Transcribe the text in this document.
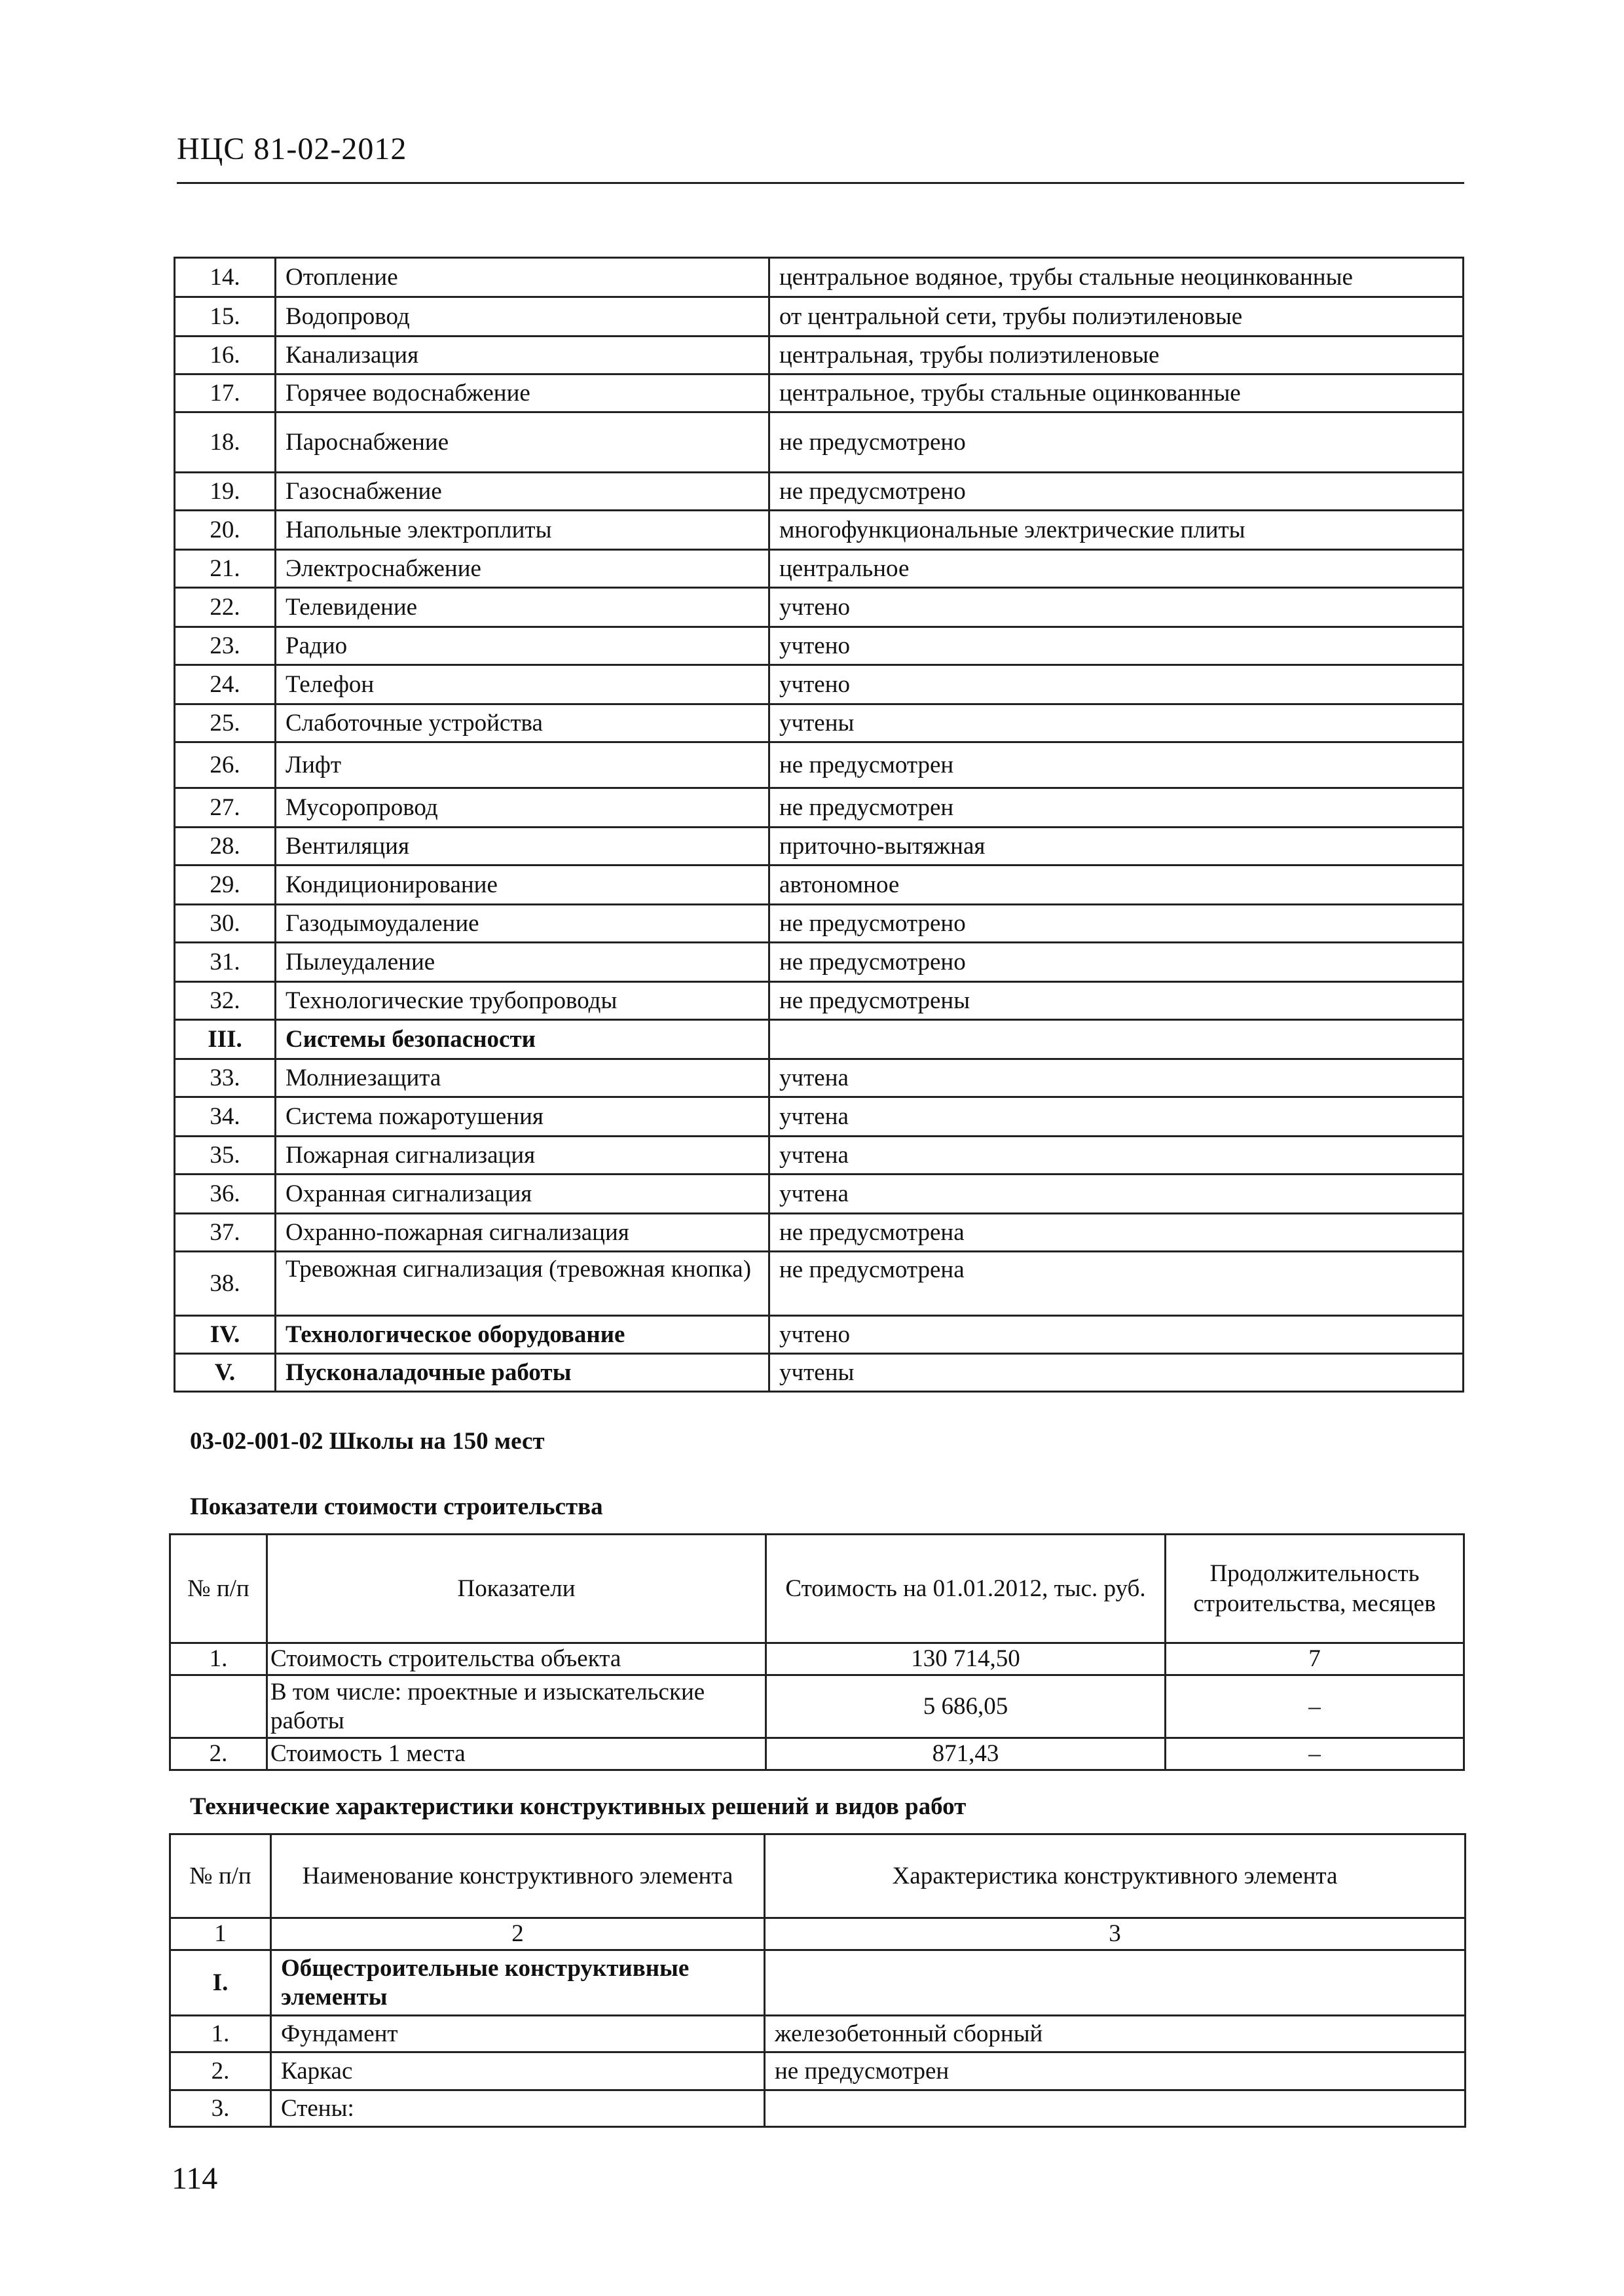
НЦС 81-02-2012
14.	Отопление	центральное водяное, трубы стальные неоцинкованные
15.	Водопровод	от центральной сети, трубы полиэтиленовые
16.	Канализация	центральная, трубы полиэтиленовые
17.	Горячее водоснабжение	центральное, трубы стальные оцинкованные
18.	Пароснабжение	не предусмотрено
19.	Газоснабжение	не предусмотрено
20.	Напольные электроплиты	многофункциональные электрические плиты
21.	Электроснабжение	центральное
22.	Телевидение	учтено
23.	Радио	учтено
24.	Телефон	учтено
25.	Слаботочные устройства	учтены
26.	Лифт	не предусмотрен
27.	Мусоропровод	не предусмотрен
28.	Вентиляция	приточно-вытяжная
29.	Кондиционирование	автономное
30.	Газодымоудаление	не предусмотрено
31.	Пылеудаление	не предусмотрено
32.	Технологические трубопроводы	не предусмотрены
III.	Системы безопасности	
33.	Молниезащита	учтена
34.	Система пожаротушения	учтена
35.	Пожарная сигнализация	учтена
36.	Охранная сигнализация	учтена
37.	Охранно-пожарная сигнализация	не предусмотрена
38.	Тревожная сигнализация (тревожная кнопка)	не предусмотрена
IV.	Технологическое оборудование	учтено
V.	Пусконаладочные работы	учтены
03-02-001-02 Школы на 150 мест
Показатели стоимости строительства
№ п/п	Показатели	Стоимость на 01.01.2012, тыс. руб.	Продолжительность строительства, месяцев
1.	Стоимость строительства объекта	130 714,50	7

	В том числе: проектные и изыскательские работы	5 686,05	–
2.	Стоимость 1 места	871,43	–
Технические характеристики конструктивных решений и видов работ
№ п/п	Наименование конструктивного элемента	Характеристика конструктивного элемента
1	2	3
I.	Общестроительные конструктивные элементы	

1.	Фундамент	железобетонный сборный
2.	Каркас	не предусмотрен
3.	Стены:	
114
